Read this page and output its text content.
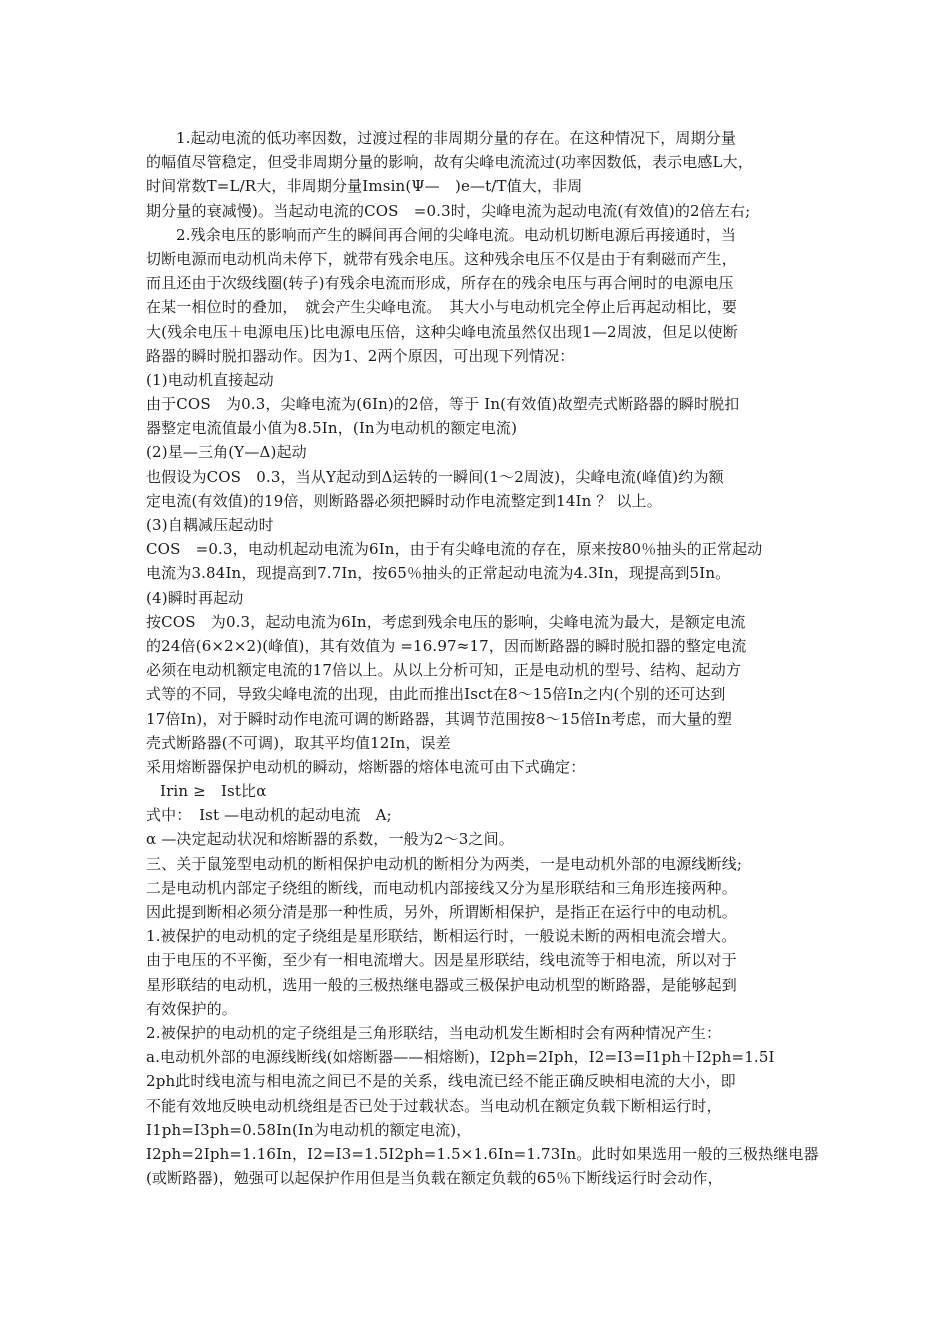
1.起动电流的低功率因数，过渡过程的非周期分量的存在。在这种情况下，周期分量
的幅值尽管稳定，但受非周期分量的影响，故有尖峰电流流过(功率因数低，表示电感L大，
时间常数T=L/R大，非周期分量Imsin(Ψ—　)e—t/T值大，非周
期分量的衰减慢)。当起动电流的COS　=0.3时，尖峰电流为起动电流(有效值)的2倍左右;
2.残余电压的影响而产生的瞬间再合闸的尖峰电流。电动机切断电源后再接通时，当
切断电源而电动机尚未停下，就带有残余电压。这种残余电压不仅是由于有剩磁而产生，
而且还由于次级线圈(转子)有残余电流而形成，所存在的残余电压与再合闸时的电源电压
在某一相位时的叠加，　就会产生尖峰电流。　其大小与电动机完全停止后再起动相比，要
大(残余电压＋电源电压)比电源电压倍，这种尖峰电流虽然仅出现1—2周波，但足以使断
路器的瞬时脱扣器动作。因为1、2两个原因，可出现下列情况：
(1)电动机直接起动
由于COS　为0.3，尖峰电流为(6In)的2倍，等于 In(有效值)故塑壳式断路器的瞬时脱扣
器整定电流值最小值为8.5In，(In为电动机的额定电流)
(2)星—三角(Y—Δ)起动
也假设为COS　0.3，当从Y起动到Δ运转的一瞬间(1～2周波)，尖峰电流(峰值)约为额
定电流(有效值)的19倍，则断路器必须把瞬时动作电流整定到14In ？ 以上。
(3)自耦减压起动时
COS　=0.3，电动机起动电流为6In，由于有尖峰电流的存在，原来按80％抽头的正常起动
电流为3.84In，现提高到7.7In，按65％抽头的正常起动电流为4.3In，现提高到5In。
(4)瞬时再起动
按COS　为0.3，起动电流为6In，考虑到残余电压的影响，尖峰电流为最大，是额定电流
的24倍(6×2×2)(峰值)，其有效值为 =16.97≈17，因而断路器的瞬时脱扣器的整定电流
必须在电动机额定电流的17倍以上。从以上分析可知，正是电动机的型号、结构、起动方
式等的不同，导致尖峰电流的出现，由此而推出Isct在8～15倍In之内(个别的还可达到
17倍In)，对于瞬时动作电流可调的断路器，其调节范围按8～15倍In考虑，而大量的塑
壳式断路器(不可调)，取其平均值12In，误差
采用熔断器保护电动机的瞬动，熔断器的熔体电流可由下式确定：
Irin ≥　Ist比α
式中：　Ist —电动机的起动电流　A;
α —决定起动状况和熔断器的系数，一般为2～3之间。
三、关于鼠笼型电动机的断相保护电动机的断相分为两类，一是电动机外部的电源线断线;
二是电动机内部定子绕组的断线，而电动机内部接线又分为星形联结和三角形连接两种。
因此提到断相必须分清是那一种性质，另外，所谓断相保护，是指正在运行中的电动机。
1.被保护的电动机的定子绕组是星形联结，断相运行时，一般说未断的两相电流会增大。
由于电压的不平衡，至少有一相电流增大。因是星形联结，线电流等于相电流，所以对于
星形联结的电动机，选用一般的三极热继电器或三极保护电动机型的断路器，是能够起到
有效保护的。
2.被保护的电动机的定子绕组是三角形联结，当电动机发生断相时会有两种情况产生：
a.电动机外部的电源线断线(如熔断器——相熔断)，I2ph=2Iph，I2=I3=I1ph＋I2ph=1.5I
2ph此时线电流与相电流之间已不是的关系，线电流已经不能正确反映相电流的大小，即
不能有效地反映电动机绕组是否已处于过载状态。当电动机在额定负载下断相运行时，
I1ph=I3ph=0.58In(In为电动机的额定电流)，
I2ph=2Iph=1.16In，I2=I3=1.5I2ph=1.5×1.6In=1.73In。此时如果选用一般的三极热继电器
(或断路器)，勉强可以起保护作用但是当负载在额定负载的65％下断线运行时会动作，
